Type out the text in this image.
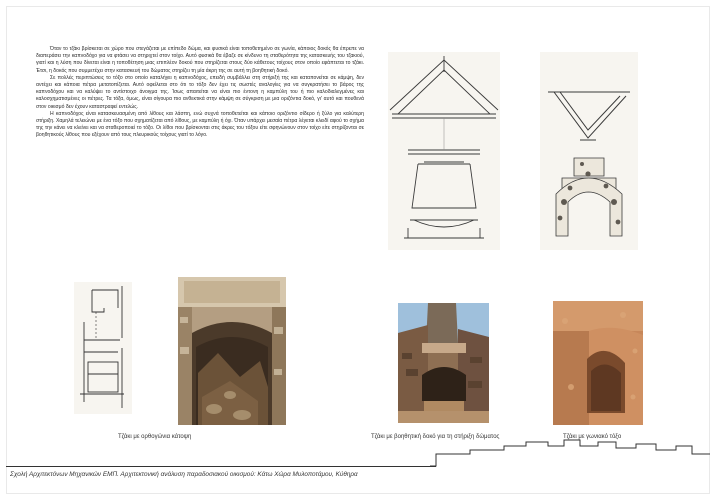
Όταν το τζάκι βρίσκεται σε χώρο που στεγάζεται με επίπεδο δώμα, και φυσικά είναι τοποθετημένο σε γωνία, κάποιος δοκός θα έπρεπε να διαπεράσει την καπνοδόχο για να φτάσει να στηριχτεί στον τοίχο. Αυτό φυσικά θα έβαζε σε κίνδυνο τη σταθερότητα της κατασκευής του τζακιού, γιατί και η λύση που δίνεται είναι η τοποθέτηση μιας επιπλέον δοκού που στηρίζεται στους δύο κάθετους τοίχους στον οποίο εφάπτεται το τζάκι. Έτσι, η δοκός που συμμετέχει στην κατασκευή του δώματος στηρίζει τη μία άκρη της σε αυτή τη βοηθητική δοκό.

Σε πολλές περιπτώσεις το τόξο στο οποίο καταλήγει η καπνοδόχος, επειδή συμβάλλει στη στήριξή της και καταπονείται σε κάμψη, δεν αντέχει και κάποια πέτρα μετατοπίζεται. Αυτό οφείλεται στο ότι το τόξο δεν έχει τις σωστές αναλογίες για να συγκρατήσει το βάρος της καπνοδόχου και να καλύψει το αντίστοιχο άνοιγμα της. Ίσως απαιτείται να είναι πιο έντονη η καμπύλη του ή πιο καλοδιαλεγμένες και καλοσχηματισμένες οι πέτρες. Τα τόξα, όμως, είναι σίγουρα πιο ανθεκτικά στην κάμψη σε σύγκριση με μια οριζόντια δοκό, γι' αυτό και πουθενά στον οικισμό δεν έχουν καταστραφεί εντελώς.

Η καπνοδόχος είναι κατασκευασμένη από λίθους και λάσπη, ενώ συχνά τοποθετείται και κάποιο οριζόντιο σίδερο ή ξύλο για καλύτερη στήριξη. Χαμηλά τελειώνει με ένα τόξο που σχηματίζεται από λίθους, με καμπύλη ή όχι. Όταν υπάρχει μεσαία πέτρα λέγεται κλειδί αφού το σχήμα της την κάνει να κλείνει και να σταθεροποιεί το τόξο. Οι λίθοι που βρίσκονται στις άκρες του τόξου είτε σφηνώνουν στον τοίχο είτε στηρίζονται σε βοηθητικούς λίθους που εξέχουν από τους πλευρικούς τοίχους γιατί το λόγο.

Τζάκι με ορθογώνια κάτοψη	Τζάκι με βοηθητική δοκό για τη στήριξη δώματος	Τζάκι με γωνιακό τόξο
Σχολή Αρχιτεκτόνων Μηχανικών ΕΜΠ. Αρχιτεκτονική ανάλυση παραδοσιακού οικισμού: Κάτω Χώρα Μυλοποτάμου, Κύθηρα
